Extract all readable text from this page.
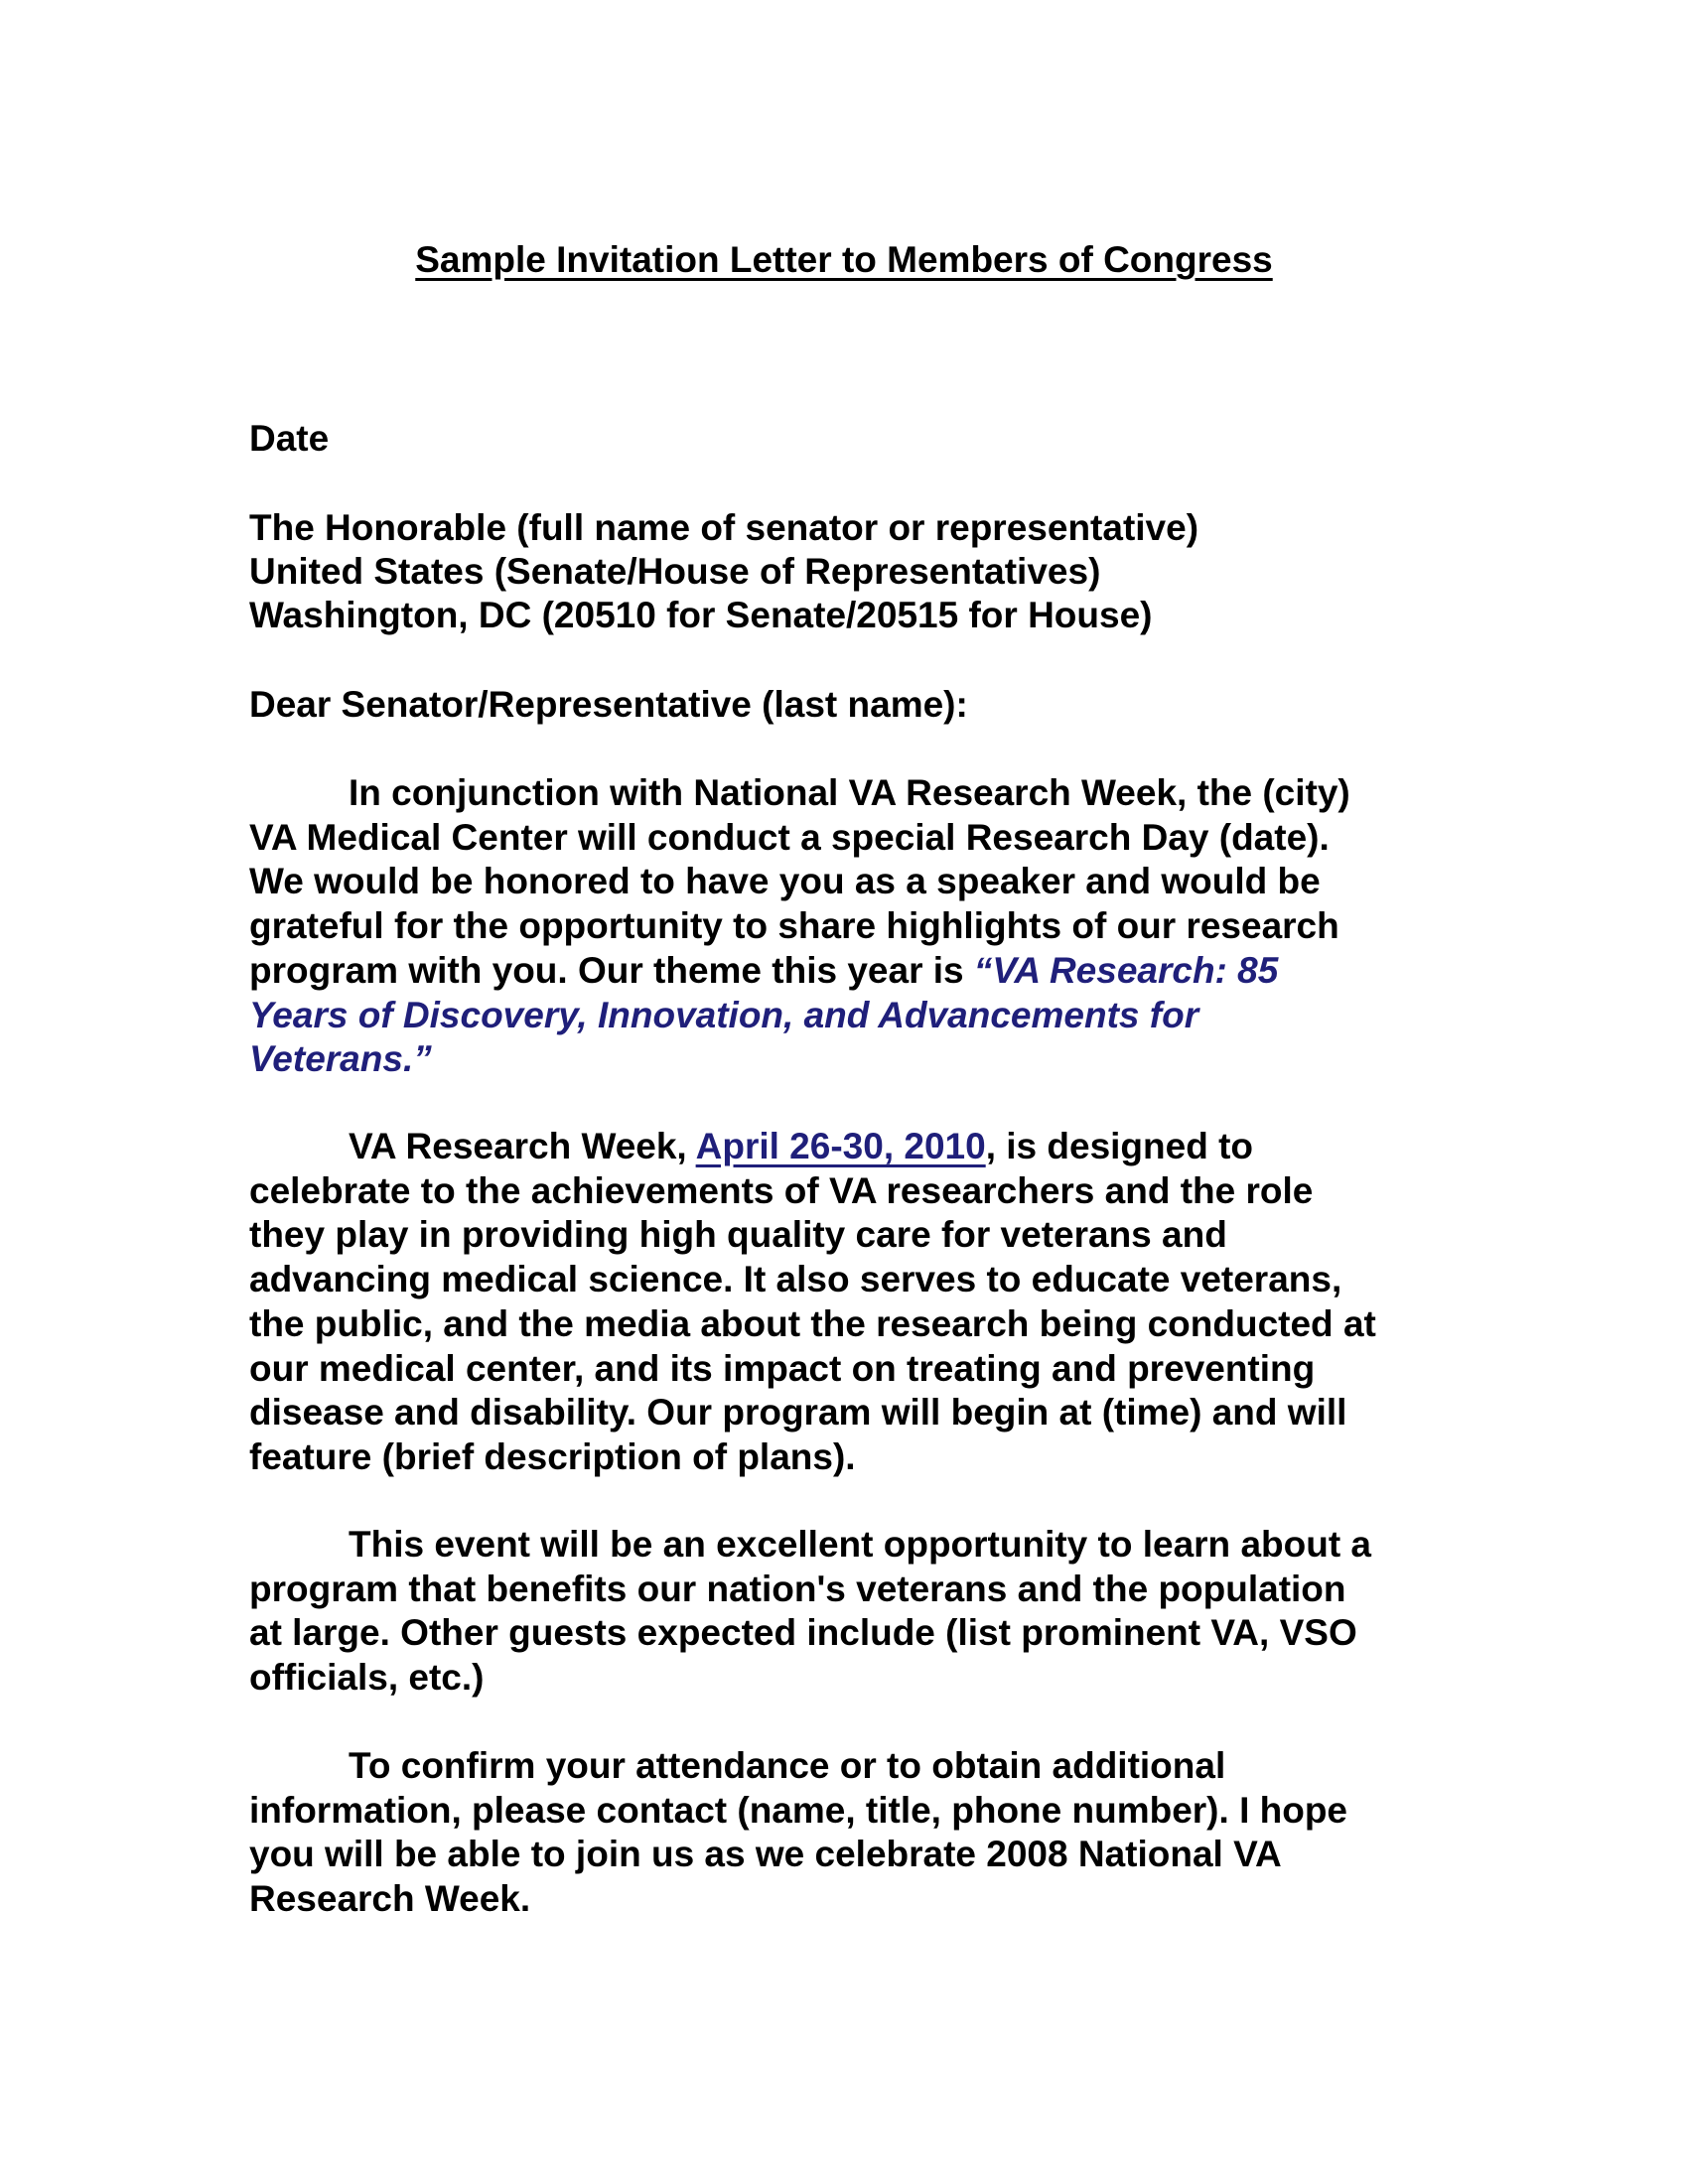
Sample Invitation Letter to Members of Congress
Date
The Honorable (full name of senator or representative)
United States (Senate/House of Representatives)
Washington, DC (20510 for Senate/20515 for House)
Dear Senator/Representative (last name):
In conjunction with National VA Research Week, the (city)
VA Medical Center will conduct a special Research Day (date).
We would be honored to have you as a speaker and would be
grateful for the opportunity to share highlights of our research
program with you. Our theme this year is “VA Research: 85
Years of Discovery, Innovation, and Advancements for
Veterans.”
VA Research Week, April 26-30, 2010, is designed to
celebrate to the achievements of VA researchers and the role
they play in providing high quality care for veterans and
advancing medical science. It also serves to educate veterans,
the public, and the media about the research being conducted at
our medical center, and its impact on treating and preventing
disease and disability. Our program will begin at (time) and will
feature (brief description of plans).
This event will be an excellent opportunity to learn about a
program that benefits our nation's veterans and the population
at large. Other guests expected include (list prominent VA, VSO
officials, etc.)
To confirm your attendance or to obtain additional
information, please contact (name, title, phone number). I hope
you will be able to join us as we celebrate 2008 National VA
Research Week.
